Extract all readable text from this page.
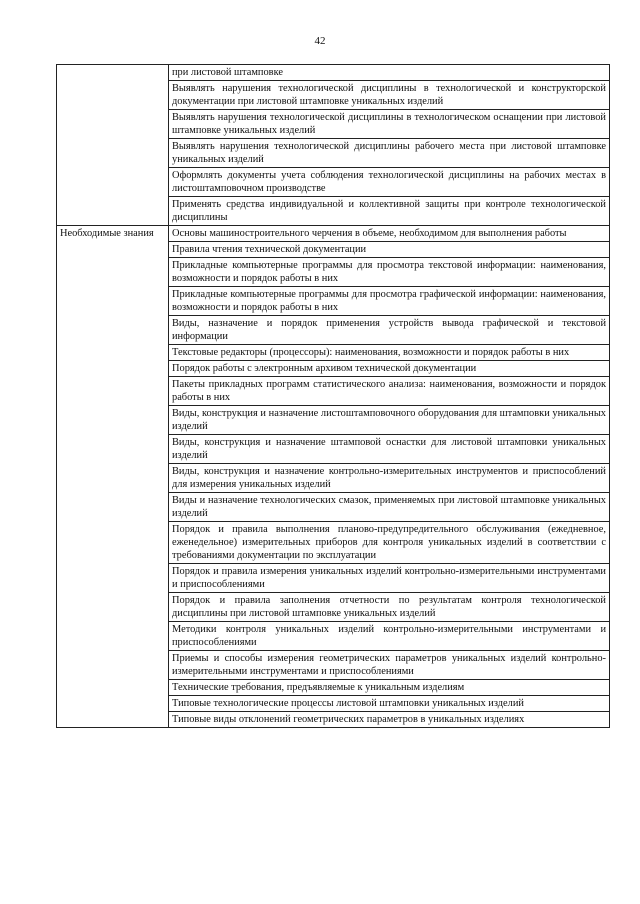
42

	при листовой штамповке

	Выявлять нарушения технологической дисциплины в технологической и конструкторской документации при листовой штамповке уникальных изделий

	Выявлять нарушения технологической дисциплины в технологическом оснащении при листовой штамповке уникальных изделий

	Выявлять нарушения технологической дисциплины рабочего места при листовой штамповке уникальных изделий

	Оформлять документы учета соблюдения технологической дисциплины на рабочих местах в листоштамповочном производстве

	Применять средства индивидуальной и коллективной защиты при контроле технологической дисциплины

Необходимые знания	Основы машиностроительного черчения в объеме, необходимом для выполнения работы

	Правила чтения технической документации

	Прикладные компьютерные программы для просмотра текстовой информации: наименования, возможности и порядок работы в них

	Прикладные компьютерные программы для просмотра графической информации: наименования, возможности и порядок работы в них

	Виды, назначение и порядок применения устройств вывода графической и текстовой информации

	Текстовые редакторы (процессоры): наименования, возможности и порядок работы в них

	Порядок работы с электронным архивом технической документации

	Пакеты прикладных программ статистического анализа: наименования, возможности и порядок работы в них

	Виды, конструкция и назначение листоштамповочного оборудования для штамповки уникальных изделий

	Виды, конструкция и назначение штамповой оснастки для листовой штамповки уникальных изделий

	Виды, конструкция и назначение контрольно-измерительных инструментов и приспособлений для измерения уникальных изделий

	Виды и назначение технологических смазок, применяемых при листовой штамповке уникальных изделий

	Порядок и правила выполнения планово-предупредительного обслуживания (ежедневное, еженедельное) измерительных приборов для контроля уникальных изделий в соответствии с требованиями документации по эксплуатации

	Порядок и правила измерения уникальных изделий контрольно-измерительными инструментами и приспособлениями

	Порядок и правила заполнения отчетности по результатам контроля технологической дисциплины при листовой штамповке уникальных изделий

	Методики контроля уникальных изделий контрольно-измерительными инструментами и приспособлениями

	Приемы и способы измерения геометрических параметров уникальных изделий контрольно-измерительными инструментами и приспособлениями

	Технические требования, предъявляемые к уникальным изделиям

	Типовые технологические процессы листовой штамповки уникальных изделий

	Типовые виды отклонений геометрических параметров в уникальных изделиях
